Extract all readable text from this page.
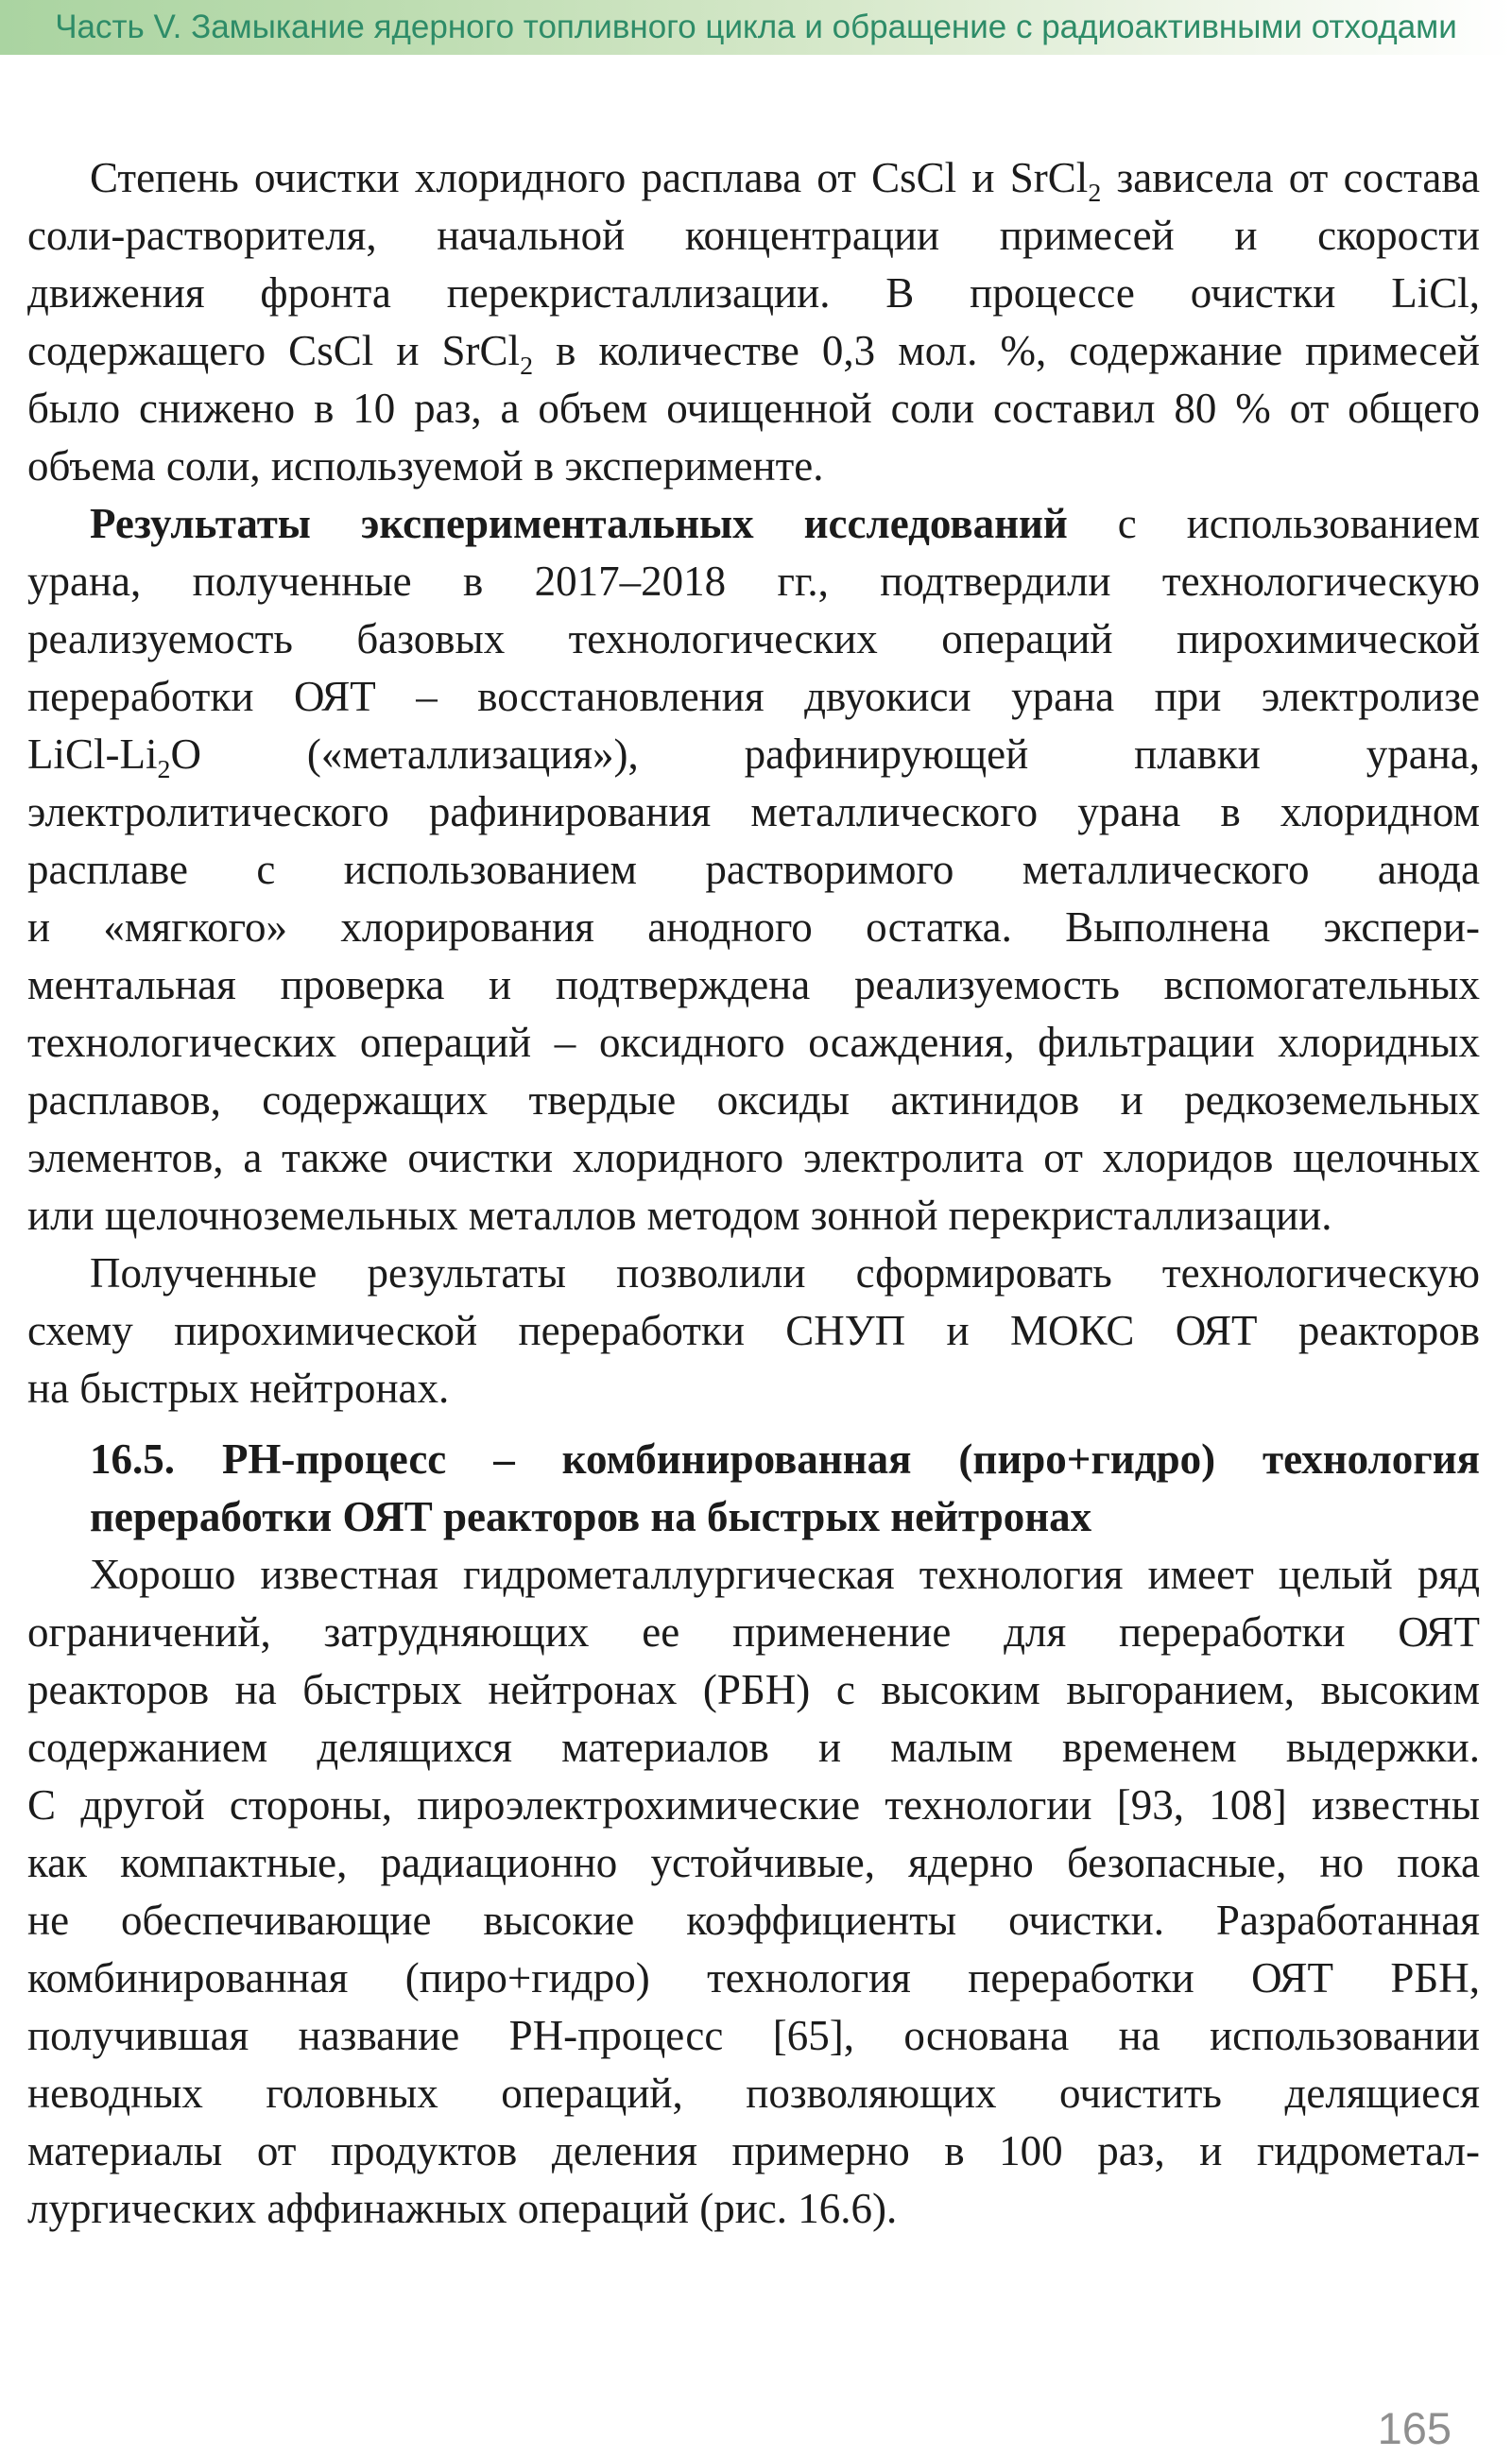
Часть V. Замыкание ядерного топливного цикла и обращение с радиоактивными отходами
Степень очистки хлоридного расплава от CsCl и SrCl$_2$ зависела от состава
соли-растворителя, начальной концентрации примесей и скорости
движения фронта перекристаллизации. В процессе очистки LiCl,
содержащего CsCl и SrCl$_2$ в количестве 0,3 мол. %, содержание примесей
было снижено в 10 раз, а объем очищенной соли составил 80 % от общего
объема соли, используемой в эксперименте.
Результаты экспериментальных исследований с использованием
урана, полученные в 2017–2018 гг., подтвердили технологическую
реализуемость базовых технологических операций пирохимической
переработки ОЯТ – восстановления двуокиси урана при электролизе
LiCl-$Li_2O$ («металлизация»), рафинирующей плавки урана,
электролитического рафинирования металлического урана в хлоридном
расплаве с использованием растворимого металлического анода
и «мягкого» хлорирования анодного остатка. Выполнена экспери-
ментальная проверка и подтверждена реализуемость вспомогательных
технологических операций – оксидного осаждения, фильтрации хлоридных
расплавов, содержащих твердые оксиды актинидов и редкоземельных
элементов, а также очистки хлоридного электролита от хлоридов щелочных
или щелочноземельных металлов методом зонной перекристаллизации.
Полученные результаты позволили сформировать технологическую
схему пирохимической переработки СНУП и МОКС ОЯТ реакторов
на быстрых нейтронах.
16.5. PH-процесс – комбинированная (пиро+гидро) технология
переработки ОЯТ реакторов на быстрых нейтронах
Хорошо известная гидрометаллургическая технология имеет целый ряд
ограничений, затрудняющих ее применение для переработки ОЯТ
реакторов на быстрых нейтронах (РБН) с высоким выгоранием, высоким
содержанием делящихся материалов и малым временем выдержки.
С другой стороны, пироэлектрохимические технологии [93, 108] известны
как компактные, радиационно устойчивые, ядерно безопасные, но пока
не обеспечивающие высокие коэффициенты очистки. Разработанная
комбинированная (пиро+гидро) технология переработки ОЯТ РБН,
получившая название PH-процесс [65], основана на использовании
неводных головных операций, позволяющих очистить делящиеся
материалы от продуктов деления примерно в 100 раз, и гидрометал-
лургических аффинажных операций (рис. 16.6).
165
